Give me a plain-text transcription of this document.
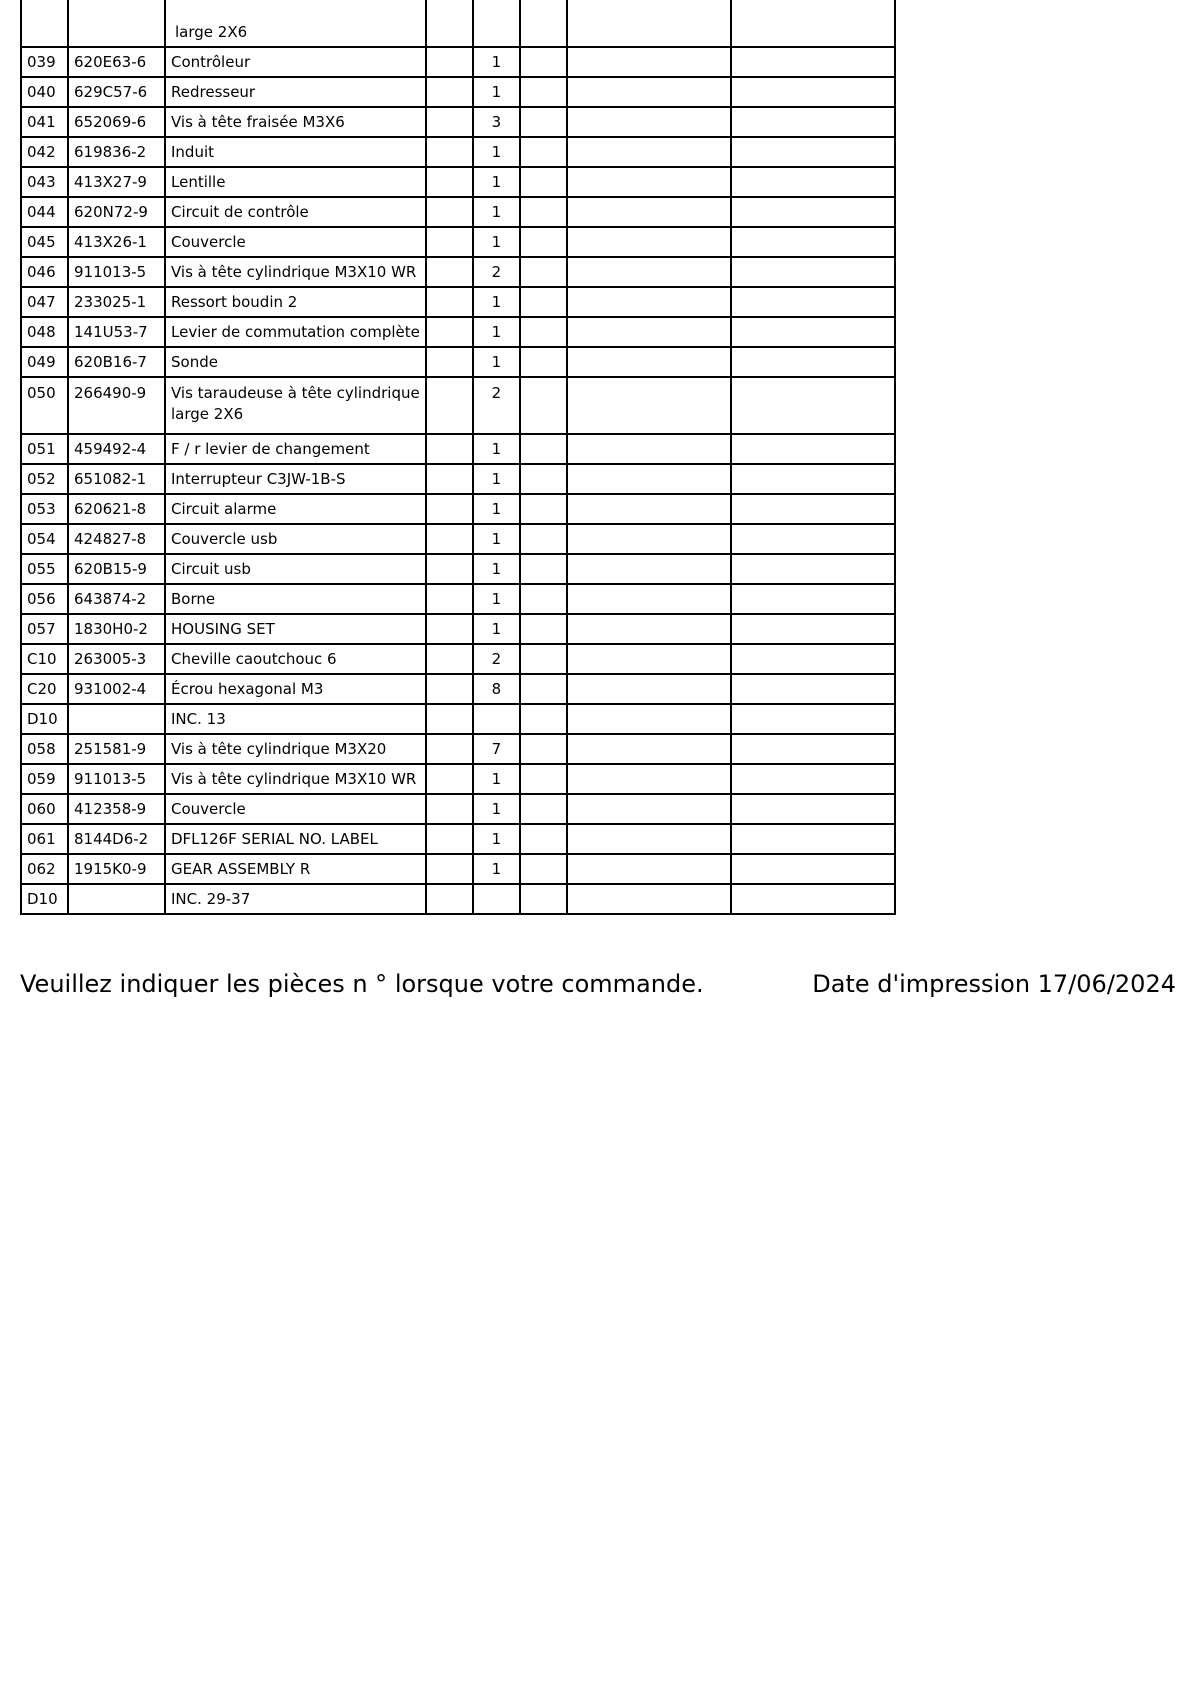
		large 2X6					
039	620E63-6	Contrôleur		1			
040	629C57-6	Redresseur		1			
041	652069-6	Vis à tête fraisée M3X6		3			
042	619836-2	Induit		1			
043	413X27-9	Lentille		1			
044	620N72-9	Circuit de contrôle		1			
045	413X26-1	Couvercle		1			
046	911013-5	Vis à tête cylindrique M3X10 WR		2			
047	233025-1	Ressort boudin 2		1			
048	141U53-7	Levier de commutation complète		1			
049	620B16-7	Sonde		1			
050	266490-9	Vis taraudeuse à tête cylindrique large 2X6		2			
051	459492-4	F / r levier de changement		1			
052	651082-1	Interrupteur C3JW-1B-S		1			
053	620621-8	Circuit alarme		1			
054	424827-8	Couvercle usb		1			
055	620B15-9	Circuit usb		1			
056	643874-2	Borne		1			
057	1830H0-2	HOUSING SET		1			
C10	263005-3	Cheville caoutchouc 6		2			
C20	931002-4	Écrou hexagonal M3		8			
D10		INC. 13					
058	251581-9	Vis à tête cylindrique M3X20		7			
059	911013-5	Vis à tête cylindrique M3X10 WR		1			
060	412358-9	Couvercle		1			
061	8144D6-2	DFL126F SERIAL NO. LABEL		1			
062	1915K0-9	GEAR ASSEMBLY R		1			
D10		INC. 29-37					
Veuillez indiquer les pièces n ° lorsque votre commande.	Date d'impression 17/06/2024
